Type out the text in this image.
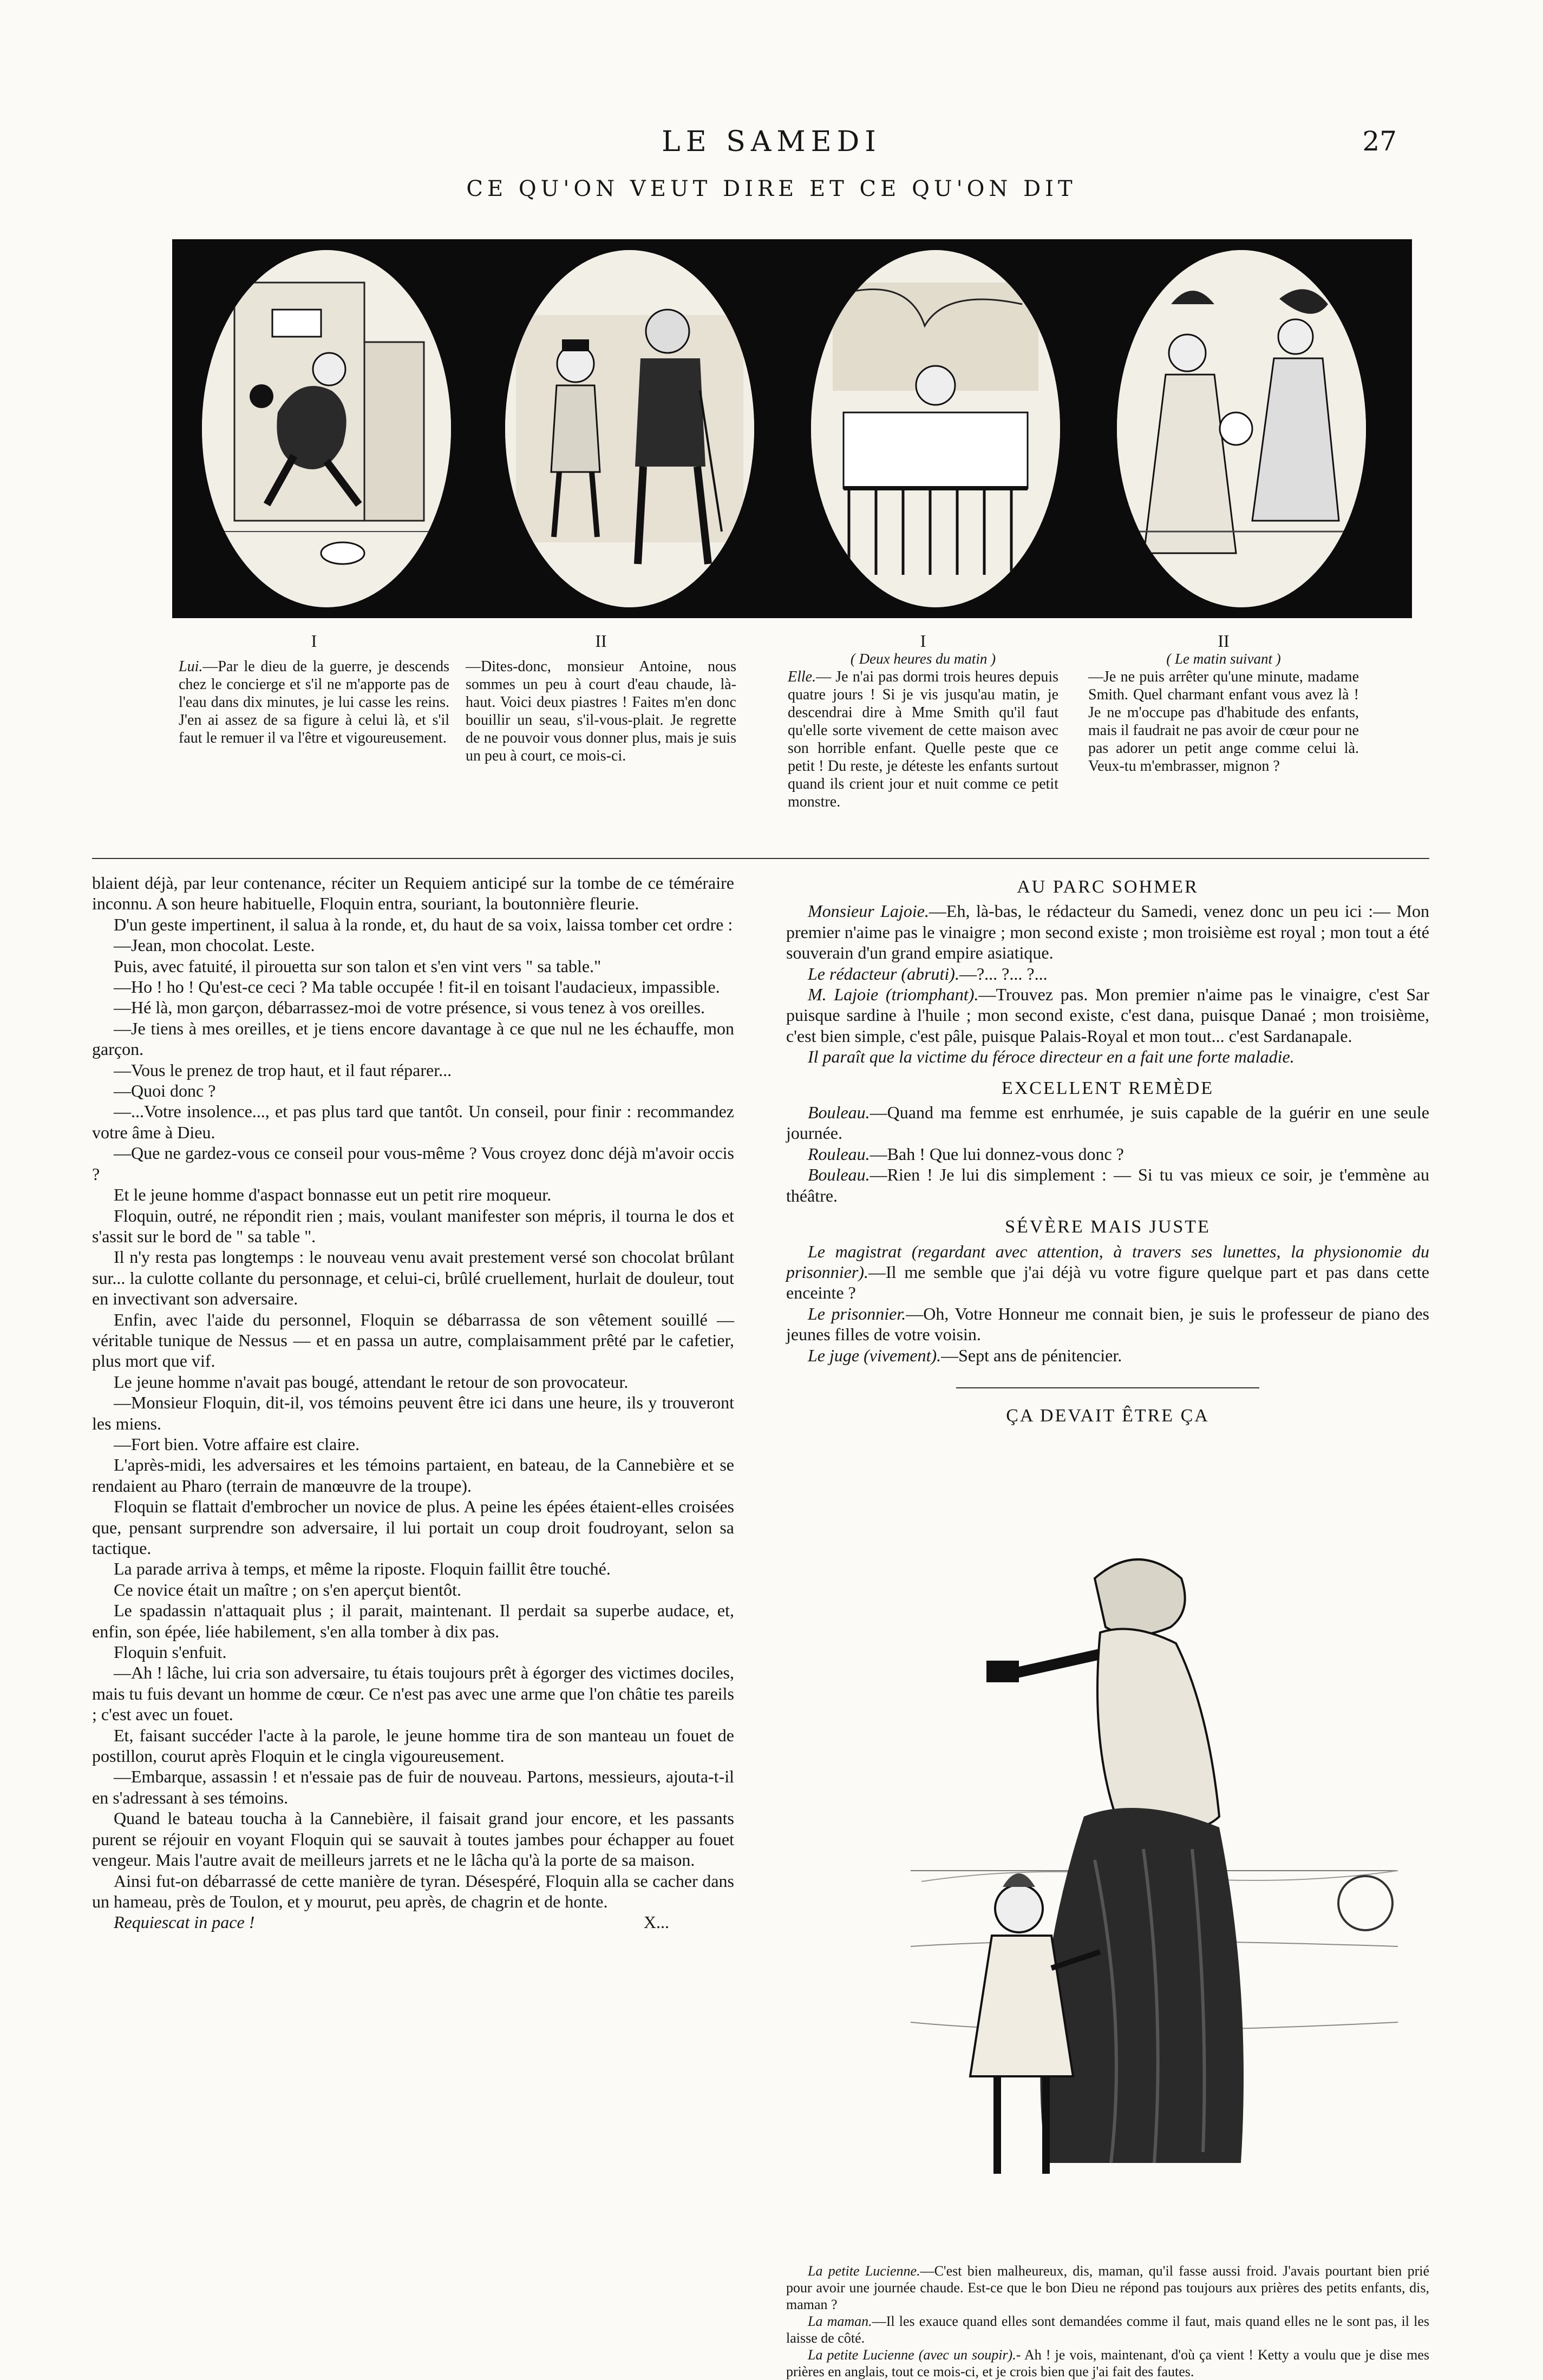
LE SAMEDI	27
CE QU'ON VEUT DIRE ET CE QU'ON DIT
I
Lui.—Par le dieu de la guerre, je descends chez le concierge et s'il ne m'apporte pas de l'eau dans dix minutes, je lui casse les reins. J'en ai assez de sa figure à celui là, et s'il faut le remuer il va l'être et vigoureusement.
II
—Dites-donc, monsieur Antoine, nous sommes un peu à court d'eau chaude, là-haut. Voici deux piastres ! Faites m'en donc bouillir un seau, s'il-vous-plait. Je regrette de ne pouvoir vous donner plus, mais je suis un peu à court, ce mois-ci.
I
( Deux heures du matin )
Elle.— Je n'ai pas dormi trois heures depuis quatre jours ! Si je vis jusqu'au matin, je descendrai dire à Mme Smith qu'il faut qu'elle sorte vivement de cette maison avec son horrible enfant. Quelle peste que ce petit ! Du reste, je déteste les enfants surtout quand ils crient jour et nuit comme ce petit monstre.
II
( Le matin suivant )
—Je ne puis arrêter qu'une minute, madame Smith. Quel charmant enfant vous avez là ! Je ne m'occupe pas d'habitude des enfants, mais il faudrait ne pas avoir de cœur pour ne pas adorer un petit ange comme celui là. Veux-tu m'embrasser, mignon ?

blaient déjà, par leur contenance, réciter un Requiem anticipé sur la tombe de ce téméraire inconnu. A son heure habituelle, Floquin entra, souriant, la boutonnière fleurie.

D'un geste impertinent, il salua à la ronde, et, du haut de sa voix, laissa tomber cet ordre :

—Jean, mon chocolat. Leste.

Puis, avec fatuité, il pirouetta sur son talon et s'en vint vers " sa table."

—Ho ! ho ! Qu'est-ce ceci ? Ma table occupée ! fit-il en toisant l'audacieux, impassible.

—Hé là, mon garçon, débarrassez-moi de votre présence, si vous tenez à vos oreilles.

—Je tiens à mes oreilles, et je tiens encore davantage à ce que nul ne les échauffe, mon garçon.

—Vous le prenez de trop haut, et il faut réparer...

—Quoi donc ?

—...Votre insolence..., et pas plus tard que tantôt. Un conseil, pour finir : recommandez votre âme à Dieu.

—Que ne gardez-vous ce conseil pour vous-même ? Vous croyez donc déjà m'avoir occis ?

Et le jeune homme d'aspact bonnasse eut un petit rire moqueur.

Floquin, outré, ne répondit rien ; mais, voulant manifester son mépris, il tourna le dos et s'assit sur le bord de " sa table ".

Il n'y resta pas longtemps : le nouveau venu avait prestement versé son chocolat brûlant sur... la culotte collante du personnage, et celui-ci, brûlé cruellement, hurlait de douleur, tout en invectivant son adversaire.

Enfin, avec l'aide du personnel, Floquin se débarrassa de son vêtement souillé — véritable tunique de Nessus — et en passa un autre, complaisamment prêté par le cafetier, plus mort que vif.

Le jeune homme n'avait pas bougé, attendant le retour de son provocateur.

—Monsieur Floquin, dit-il, vos témoins peuvent être ici dans une heure, ils y trouveront les miens.

—Fort bien. Votre affaire est claire.

L'après-midi, les adversaires et les témoins partaient, en bateau, de la Cannebière et se rendaient au Pharo (terrain de manœuvre de la troupe).

Floquin se flattait d'embrocher un novice de plus. A peine les épées étaient-elles croisées que, pensant surprendre son adversaire, il lui portait un coup droit foudroyant, selon sa tactique.

La parade arriva à temps, et même la riposte. Floquin faillit être touché.

Ce novice était un maître ; on s'en aperçut bientôt.

Le spadassin n'attaquait plus ; il parait, maintenant. Il perdait sa superbe audace, et, enfin, son épée, liée habilement, s'en alla tomber à dix pas.

Floquin s'enfuit.

—Ah ! lâche, lui cria son adversaire, tu étais toujours prêt à égorger des victimes dociles, mais tu fuis devant un homme de cœur. Ce n'est pas avec une arme que l'on châtie tes pareils ; c'est avec un fouet.

Et, faisant succéder l'acte à la parole, le jeune homme tira de son manteau un fouet de postillon, courut après Floquin et le cingla vigoureusement.

—Embarque, assassin ! et n'essaie pas de fuir de nouveau. Partons, messieurs, ajouta-t-il en s'adressant à ses témoins.

Quand le bateau toucha à la Cannebière, il faisait grand jour encore, et les passants purent se réjouir en voyant Floquin qui se sauvait à toutes jambes pour échapper au fouet vengeur. Mais l'autre avait de meilleurs jarrets et ne le lâcha qu'à la porte de sa maison.

Ainsi fut-on débarrassé de cette manière de tyran. Désespéré, Floquin alla se cacher dans un hameau, près de Toulon, et y mourut, peu après, de chagrin et de honte.

Requiescat in pace !	X...

AU PARC SOHMER

Monsieur Lajoie.—Eh, là-bas, le rédacteur du Samedi, venez donc un peu ici :— Mon premier n'aime pas le vinaigre ; mon second existe ; mon troisième est royal ; mon tout a été souverain d'un grand empire asiatique.

Le rédacteur (abruti).—?... ?... ?...

M. Lajoie (triomphant).—Trouvez pas. Mon premier n'aime pas le vinaigre, c'est Sar puisque sardine à l'huile ; mon second existe, c'est dana, puisque Danaé ; mon troisième, c'est bien simple, c'est pâle, puisque Palais-Royal et mon tout... c'est Sardanapale.

Il paraît que la victime du féroce directeur en a fait une forte maladie.

EXCELLENT REMÈDE

Bouleau.—Quand ma femme est enrhumée, je suis capable de la guérir en une seule journée.

Rouleau.—Bah ! Que lui donnez-vous donc ?

Bouleau.—Rien ! Je lui dis simplement : — Si tu vas mieux ce soir, je t'emmène au théâtre.

SÉVÈRE MAIS JUSTE

Le magistrat (regardant avec attention, à travers ses lunettes, la physionomie du prisonnier).—Il me semble que j'ai déjà vu votre figure quelque part et pas dans cette enceinte ?

Le prisonnier.—Oh, Votre Honneur me connait bien, je suis le professeur de piano des jeunes filles de votre voisin.

Le juge (vivement).—Sept ans de pénitencier.

ÇA DEVAIT ÊTRE ÇA

La petite Lucienne.—C'est bien malheureux, dis, maman, qu'il fasse aussi froid. J'avais pourtant bien prié pour avoir une journée chaude. Est-ce que le bon Dieu ne répond pas toujours aux prières des petits enfants, dis, maman ?

La maman.—Il les exauce quand elles sont demandées comme il faut, mais quand elles ne le sont pas, il les laisse de côté.

La petite Lucienne (avec un soupir).- Ah ! je vois, maintenant, d'où ça vient ! Ketty a voulu que je dise mes prières en anglais, tout ce mois-ci, et je crois bien que j'ai fait des fautes.
